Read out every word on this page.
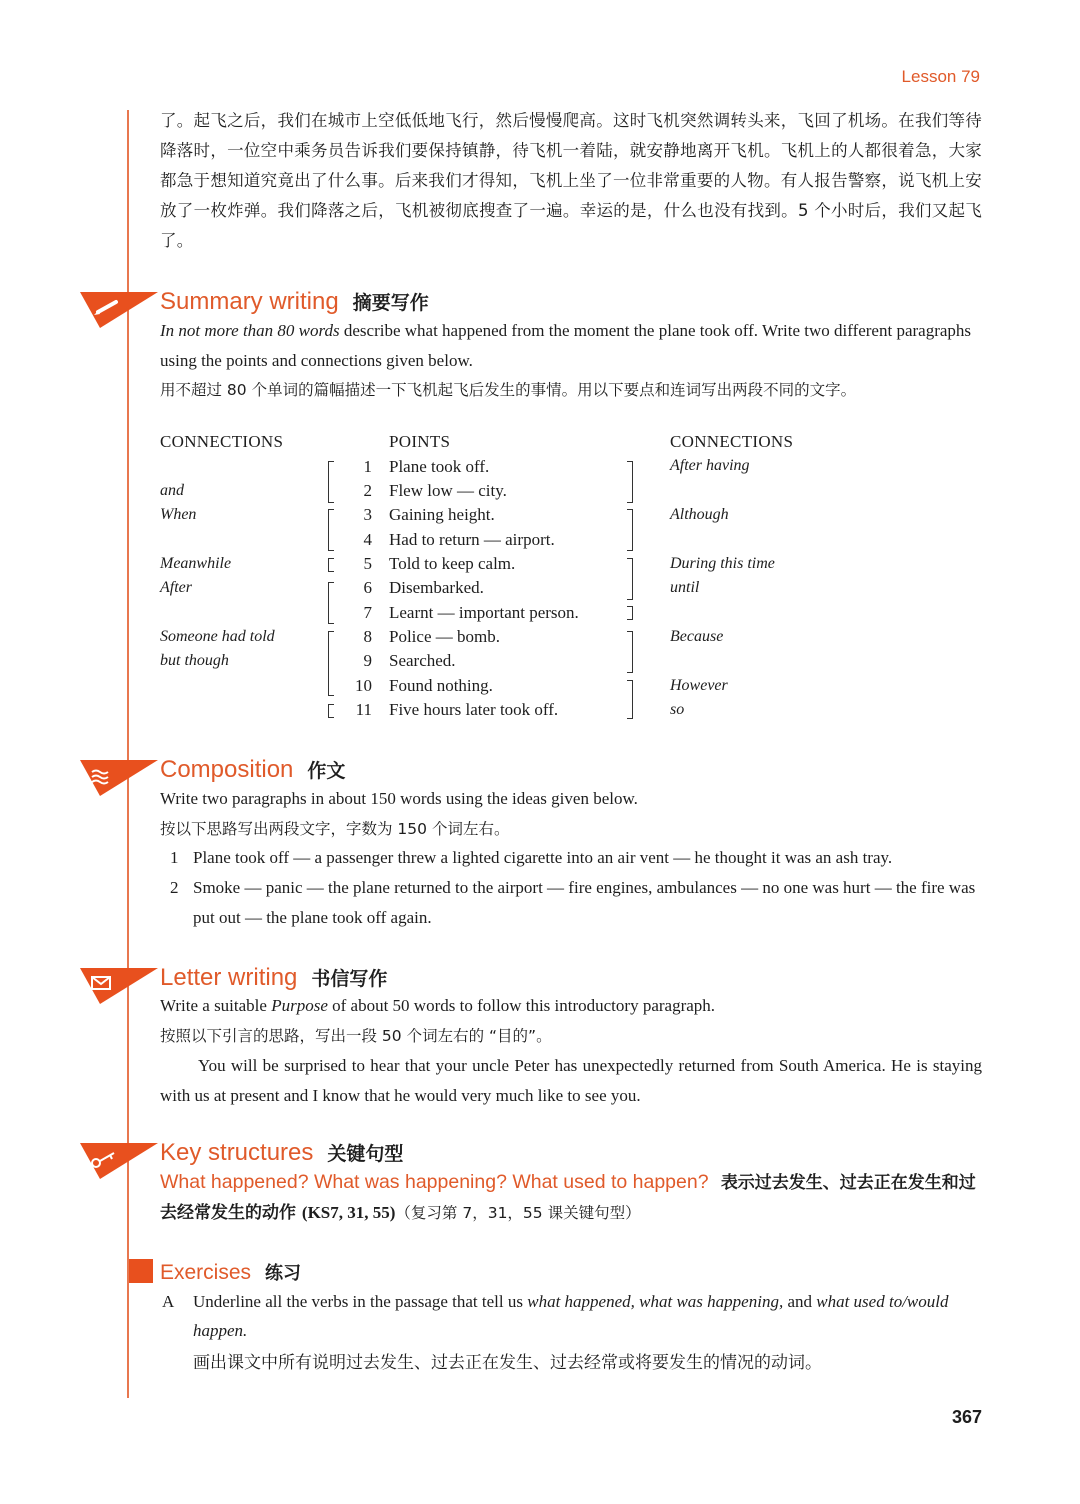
Lesson 79
了。起飞之后，我们在城市上空低低地飞行，然后慢慢爬高。这时飞机突然调转头来，飞回了机场。在我们等待降落时，一位空中乘务员告诉我们要保持镇静，待飞机一着陆，就安静地离开飞机。飞机上的人都很着急，大家都急于想知道究竟出了什么事。后来我们才得知，飞机上坐了一位非常重要的人物。有人报告警察，说飞机上安放了一枚炸弹。我们降落之后，飞机被彻底搜查了一遍。幸运的是，什么也没有找到。5 个小时后，我们又起飞了。
Summary writing 摘要写作
In not more than 80 words describe what happened from the moment the plane took off. Write two different paragraphs using the points and connections given below.
用不超过 80 个单词的篇幅描述一下飞机起飞后发生的事情。用以下要点和连词写出两段不同的文字。
CONNECTIONS	POINTS	CONNECTIONS
and
When
Meanwhile
After
Someone had told
but though
1 Plane took off.
2 Flew low — city.
3 Gaining height.
4 Had to return — airport.
5 Told to keep calm.
6 Disembarked.
7 Learnt — important person.
8 Police — bomb.
9 Searched.
10 Found nothing.
11 Five hours later took off.
After having
Although
During this time
until
Because
However
so
Composition 作文
Write two paragraphs in about 150 words using the ideas given below.
按以下思路写出两段文字，字数为 150 个词左右。
1 Plane took off — a passenger threw a lighted cigarette into an air vent — he thought it was an ash tray.
2 Smoke — panic — the plane returned to the airport — fire engines, ambulances — no one was hurt — the fire was put out — the plane took off again.
Letter writing 书信写作
Write a suitable Purpose of about 50 words to follow this introductory paragraph.
按照以下引言的思路，写出一段 50 个词左右的 “目的”。
You will be surprised to hear that your uncle Peter has unexpectedly returned from South America. He is staying with us at present and I know that he would very much like to see you.
Key structures 关键句型
What happened? What was happening? What used to happen? 表示过去发生、过去正在发生和过去经常发生的动作 (KS7, 31, 55)（复习第 7，31，55 课关键句型）
Exercises 练习
A Underline all the verbs in the passage that tell us what happened, what was happening, and what used to/would happen.
画出课文中所有说明过去发生、过去正在发生、过去经常或将要发生的情况的动词。
367
